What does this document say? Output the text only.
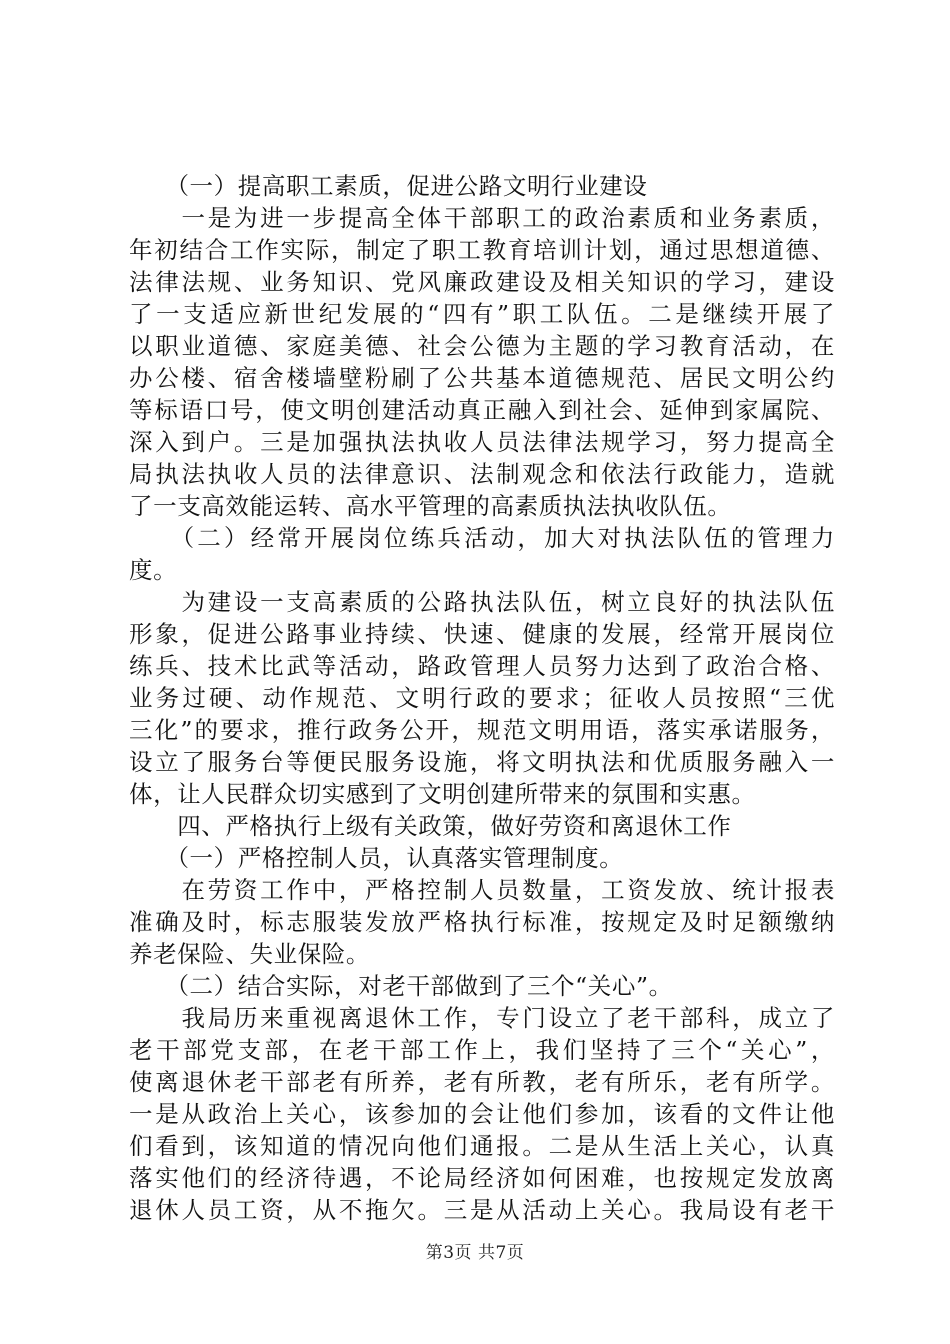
　　（一）提高职工素质，促进公路文明行业建设
　　一是为进一步提高全体干部职工的政治素质和业务素质，
年初结合工作实际，制定了职工教育培训计划，通过思想道德、
法律法规、业务知识、党风廉政建设及相关知识的学习，建设
了一支适应新世纪发展的“四有”职工队伍。二是继续开展了
以职业道德、家庭美德、社会公德为主题的学习教育活动，在
办公楼、宿舍楼墙壁粉刷了公共基本道德规范、居民文明公约
等标语口号，使文明创建活动真正融入到社会、延伸到家属院、
深入到户。三是加强执法执收人员法律法规学习，努力提高全
局执法执收人员的法律意识、法制观念和依法行政能力，造就
了一支高效能运转、高水平管理的高素质执法执收队伍。
　　（二）经常开展岗位练兵活动，加大对执法队伍的管理力
度。
　　为建设一支高素质的公路执法队伍，树立良好的执法队伍
形象，促进公路事业持续、快速、健康的发展，经常开展岗位
练兵、技术比武等活动，路政管理人员努力达到了政治合格、
业务过硬、动作规范、文明行政的要求；征收人员按照“三优
三化”的要求，推行政务公开，规范文明用语，落实承诺服务，
设立了服务台等便民服务设施，将文明执法和优质服务融入一
体，让人民群众切实感到了文明创建所带来的氛围和实惠。
　　四、严格执行上级有关政策，做好劳资和离退休工作
　　（一）严格控制人员，认真落实管理制度。
　　在劳资工作中，严格控制人员数量，工资发放、统计报表
准确及时，标志服装发放严格执行标准，按规定及时足额缴纳
养老保险、失业保险。
　　（二）结合实际，对老干部做到了三个“关心”。
　　我局历来重视离退休工作，专门设立了老干部科，成立了
老干部党支部，在老干部工作上，我们坚持了三个“关心”，
使离退休老干部老有所养，老有所教，老有所乐，老有所学。
一是从政治上关心，该参加的会让他们参加，该看的文件让他
们看到，该知道的情况向他们通报。二是从生活上关心，认真
落实他们的经济待遇，不论局经济如何困难，也按规定发放离
退休人员工资，从不拖欠。三是从活动上关心。我局设有老干
第3页 共7页
